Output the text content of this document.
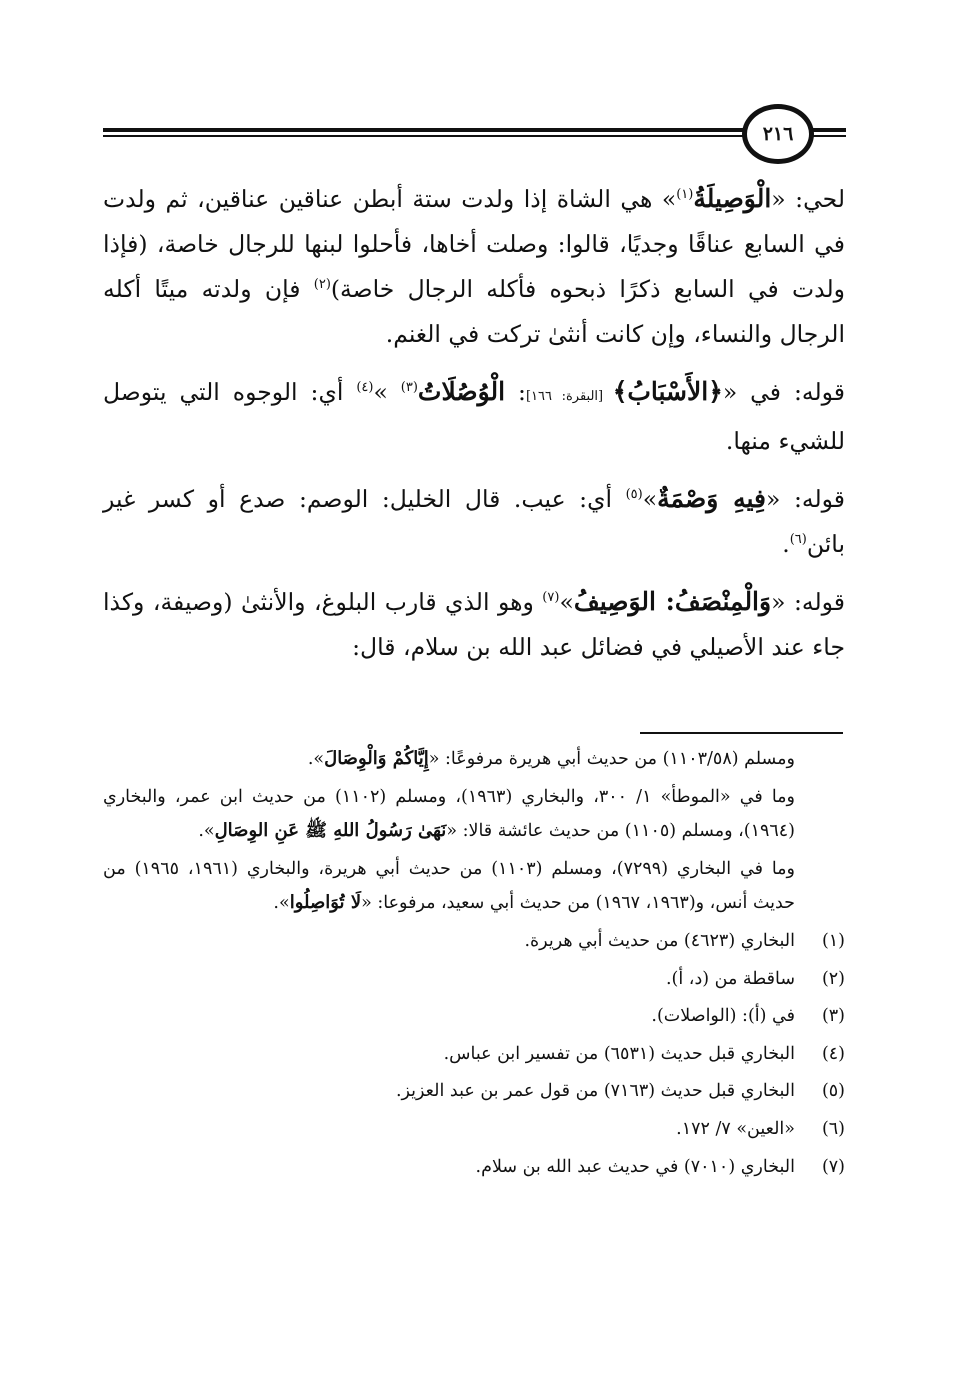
٢١٦

لحي: «الْوَصِيلَةُ$^{(١)}$» هي الشاة إذا ولدت ستة أبطن عناقين عناقين، ثم ولدت في السابع عناقًا وجديًا، قالوا: وصلت أخاها، فأحلوا لبنها للرجال خاصة، (فإذا ولدت في السابع ذكرًا ذبحوه فأكله الرجال خاصة)$^{(٢)}$ فإن ولدته ميتًا أكله الرجال والنساء، وإن كانت أنثىٰ تركت في الغنم.

قوله: في «﴿الأَسْبَابُ﴾ [البقرة: ١٦٦]: الْوُصُلَاتُ$^{(٣)}$ »$^{(٤)}$ أي: الوجوه التي يتوصل للشيء منها.

قوله: «فِيهِ وَصْمَةٌ»$^{(٥)}$ أي: عيب. قال الخليل: الوصم: صدع أو كسر غير بائن$^{(٦)}$.

قوله: «وَالْمِنْصَفُ: الوَصِيفُ»$^{(٧)}$ وهو الذي قارب البلوغ، والأنثىٰ (وصيفة، وكذا جاء عند الأصيلي في فضائل عبد الله بن سلام، قال:

ومسلم (١١٠٣/٥٨) من حديث أبي هريرة مرفوعًا: «إِيَّاكُمْ وَالْوِصَالَ».

وما في «الموطأ» ١/ ٣٠٠، والبخاري (١٩٦٣)، ومسلم (١١٠٢) من حديث ابن عمر، والبخاري (١٩٦٤)، ومسلم (١١٠٥) من حديث عائشة قالا: «نَهَىٰ رَسُولُ اللهِ ﷺ عَنِ الوِصَالِ».

وما في البخاري (٧٢٩٩)، ومسلم (١١٠٣) من حديث أبي هريرة، والبخاري (١٩٦١، ١٩٦٥) من حديث أنس، و(١٩٦٣، ١٩٦٧) من حديث أبي سعيد، مرفوعا: «لَا تُوَاصِلُوا».

(١)
البخاري (٤٦٢٣) من حديث أبي هريرة.
(٢)
ساقطة من (د، أ).
(٣)
في (أ): (الواصلات).
(٤)
البخاري قبل حديث (٦٥٣١) من تفسير ابن عباس.
(٥)
البخاري قبل حديث (٧١٦٣) من قول عمر بن عبد العزيز.
(٦)
«العين» ٧/ ١٧٢.
(٧)
البخاري (٧٠١٠) في حديث عبد الله بن سلام.
